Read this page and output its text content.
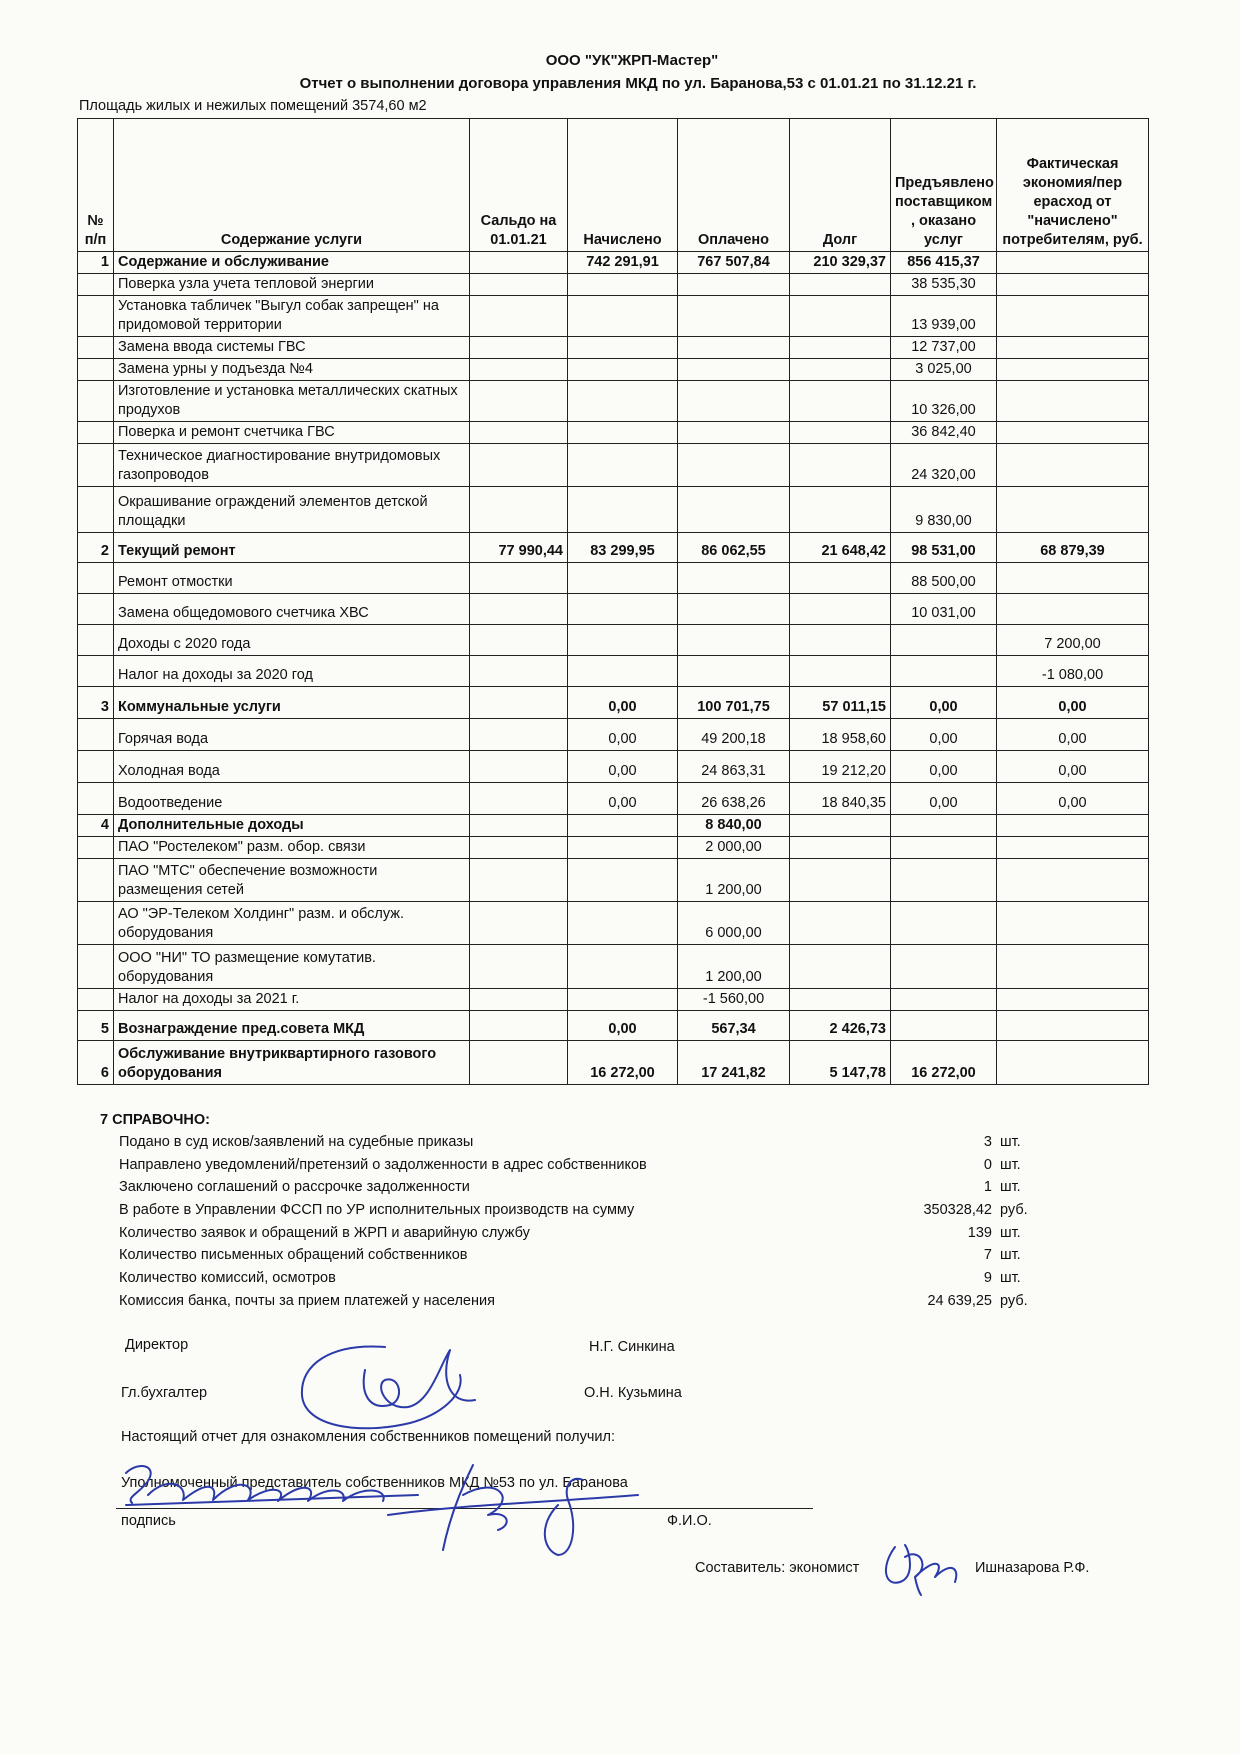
ООО "УК"ЖРП-Мастер"
Отчет о выполнении договора управления МКД по ул. Баранова,53 с 01.01.21 по 31.12.21 г.
Площадь жилых и нежилых помещений 3574,60 м2
№ п/п	Содержание услуги	Сальдо на 01.01.21	Начислено	Оплачено	Долг	Предъявлено поставщиком , оказано услуг	Фактическая экономия/пер ерасход от "начислено" потребителям, руб.
1	Содержание и обслуживание		742 291,91	767 507,84	210 329,37	856 415,37	
	Поверка узла учета тепловой энергии					38 535,30	
	Установка табличек "Выгул собак запрещен" на придомовой территории					13 939,00	
	Замена ввода системы ГВС					12 737,00	
	Замена урны у подъезда №4					3 025,00	
	Изготовление и установка металлических скатных продухов					10 326,00	
	Поверка и ремонт счетчика ГВС					36 842,40	
	Техническое диагностирование внутридомовых газопроводов					24 320,00	
	Окрашивание ограждений элементов детской площадки					9 830,00	
2	Текущий ремонт	77 990,44	83 299,95	86 062,55	21 648,42	98 531,00	68 879,39
	Ремонт отмостки					88 500,00	
	Замена общедомового счетчика ХВС					10 031,00	
	Доходы с 2020 года						7 200,00
	Налог на доходы за 2020 год						-1 080,00
3	Коммунальные услуги		0,00	100 701,75	57 011,15	0,00	0,00
	Горячая вода		0,00	49 200,18	18 958,60	0,00	0,00
	Холодная вода		0,00	24 863,31	19 212,20	0,00	0,00
	Водоотведение		0,00	26 638,26	18 840,35	0,00	0,00
4	Дополнительные доходы			8 840,00			
	ПАО "Ростелеком" разм. обор. связи			2 000,00			
	ПАО "МТС" обеспечение возможности размещения сетей			1 200,00			
	АО "ЭР-Телеком Холдинг" разм. и обслуж. оборудования			6 000,00			
	ООО "НИ" ТО размещение комутатив. оборудования			1 200,00			
	Налог на доходы за 2021 г.			-1 560,00			
5	Вознаграждение пред.совета МКД		0,00	567,34	2 426,73		
6	Обслуживание внутриквартирного газового оборудования		16 272,00	17 241,82	5 147,78	16 272,00	
7 СПРАВОЧНО:
Подано в суд исков/заявлений на судебные приказы	3 шт.
Направлено уведомлений/претензий о задолженности в адрес собственников	0 шт.
Заключено соглашений о рассрочке задолженности	1 шт.
В работе в Управлении ФССП по УР исполнительных производств на сумму	350328,42 руб.
Количество заявок и обращений в ЖРП и аварийную службу	139 шт.
Количество письменных обращений собственников	7 шт.
Количество комиссий, осмотров	9 шт.
Комиссия банка, почты за прием платежей у населения	24 639,25 руб.
Директор	Н.Г. Синкина
Гл.бухгалтер	О.Н. Кузьмина
Настоящий отчет для ознакомления собственников помещений получил:
Уполномоченный представитель собственников МКД №53 по ул. Баранова
подпись	Ф.И.О.
Составитель: экономист	Ишназарова Р.Ф.
